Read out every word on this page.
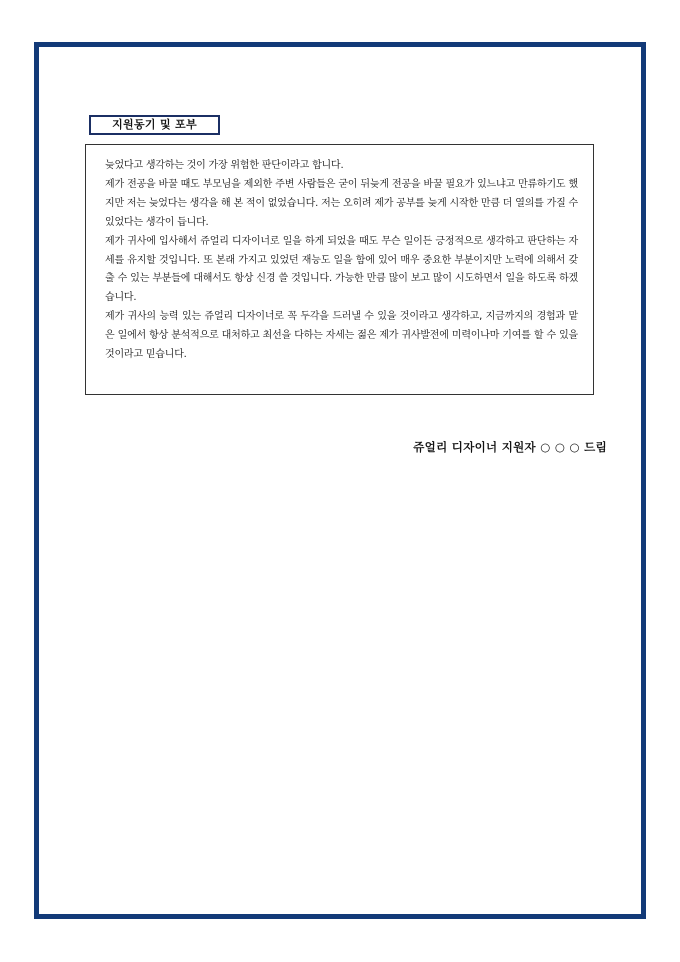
지원동기 및 포부

늦었다고 생각하는 것이 가장 위험한 판단이라고 합니다.

제가 전공을 바꿀 때도 부모님을 제외한 주변 사람들은 굳이 뒤늦게 전공을 바꿀 필요가 있느냐고 만류하기도 했지만 저는 늦었다는 생각을 해 본 적이 없었습니다. 저는 오히려 제가 공부를 늦게 시작한 만큼 더 열의를 가질 수 있었다는 생각이 듭니다.

제가 귀사에 입사해서 쥬얼리 디자이너로 일을 하게 되었을 때도 무슨 일이든 긍정적으로 생각하고 판단하는 자세를 유지할 것입니다. 또 본래 가지고 있었던 재능도 일을 함에 있어 매우 중요한 부분이지만 노력에 의해서 갖출 수 있는 부분들에 대해서도 항상 신경 쓸 것입니다. 가능한 만큼 많이 보고 많이 시도하면서 일을 하도록 하겠습니다.

제가 귀사의 능력 있는 쥬얼리 디자이너로 꼭 두각을 드러낼 수 있을 것이라고 생각하고, 지금까지의 경험과 맡은 일에서 항상 분석적으로 대처하고 최선을 다하는 자세는 젊은 제가 귀사발전에 미력이나마 기여를 할 수 있을 것이라고 믿습니다.

쥬얼리 디자이너 지원자 ○ ○ ○ 드림
